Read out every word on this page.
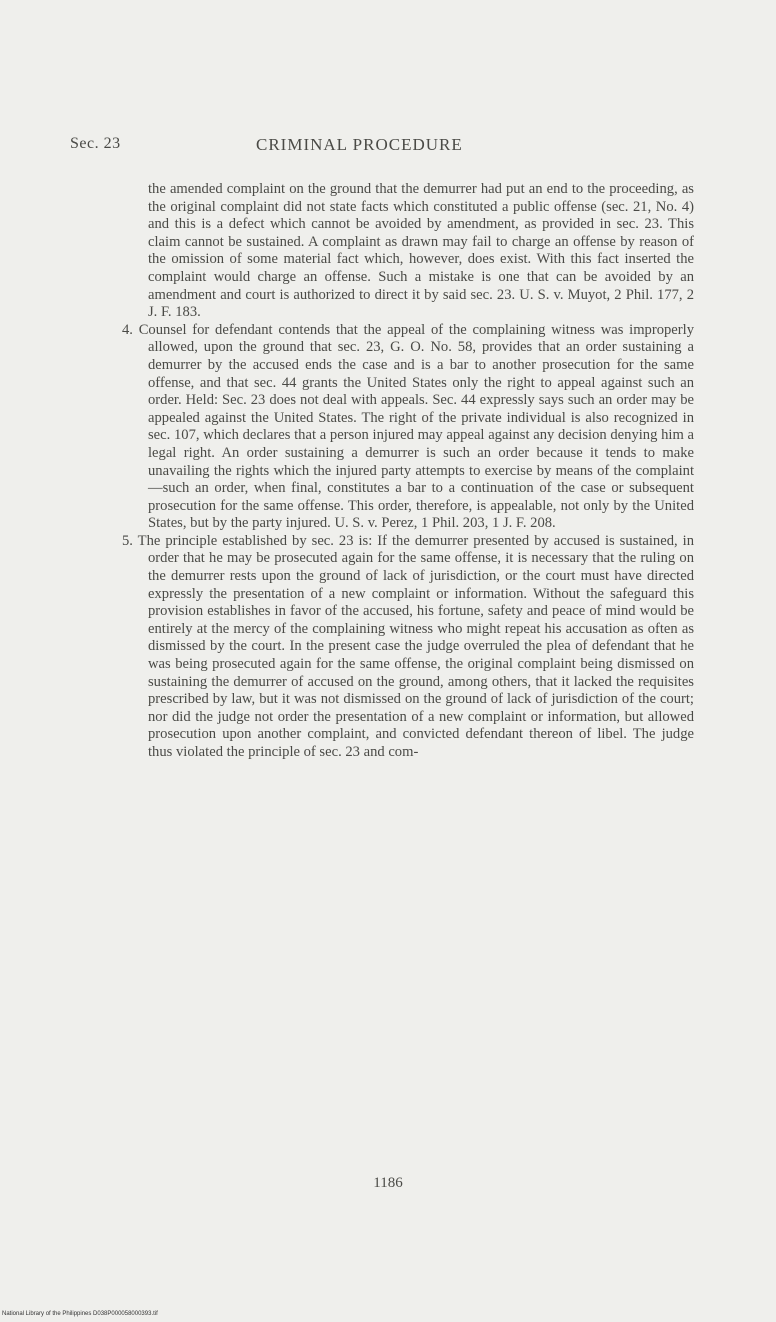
Sec. 23	CRIMINAL PROCEDURE

the amended complaint on the ground that the demurrer had put an end to the proceeding, as the original complaint did not state facts which constituted a public offense (sec. 21, No. 4) and this is a defect which cannot be avoided by amendment, as provided in sec. 23. This claim cannot be sustained. A complaint as drawn may fail to charge an offense by reason of the omission of some material fact which, however, does exist. With this fact inserted the complaint would charge an offense. Such a mistake is one that can be avoided by an amendment and court is authorized to direct it by said sec. 23. U. S. v. Muyot, 2 Phil. 177, 2 J. F. 183.

4. Counsel for defendant contends that the appeal of the complaining witness was improperly allowed, upon the ground that sec. 23, G. O. No. 58, provides that an order sustaining a demurrer by the accused ends the case and is a bar to another prosecution for the same offense, and that sec. 44 grants the United States only the right to appeal against such an order. Held: Sec. 23 does not deal with appeals. Sec. 44 expressly says such an order may be appealed against the United States. The right of the private individual is also recognized in sec. 107, which declares that a person injured may appeal against any decision denying him a legal right. An order sustaining a demurrer is such an order because it tends to make unavailing the rights which the injured party attempts to exercise by means of the complaint—such an order, when final, constitutes a bar to a continuation of the case or subsequent prosecution for the same offense. This order, therefore, is appealable, not only by the United States, but by the party injured. U. S. v. Perez, 1 Phil. 203, 1 J. F. 208.

5. The principle established by sec. 23 is: If the demurrer presented by accused is sustained, in order that he may be prosecuted again for the same offense, it is necessary that the ruling on the demurrer rests upon the ground of lack of jurisdiction, or the court must have directed expressly the presentation of a new complaint or information. Without the safeguard this provision establishes in favor of the accused, his fortune, safety and peace of mind would be entirely at the mercy of the complaining witness who might repeat his accusation as often as dismissed by the court. In the present case the judge overruled the plea of defendant that he was being prosecuted again for the same offense, the original complaint being dismissed on sustaining the demurrer of accused on the ground, among others, that it lacked the requisites prescribed by law, but it was not dismissed on the ground of lack of jurisdiction of the court; nor did the judge not order the presentation of a new complaint or information, but allowed prosecution upon another complaint, and convicted defendant thereon of libel. The judge thus violated the principle of sec. 23 and com-

1186
National Library of the Philippines D038P000058000393.tif
